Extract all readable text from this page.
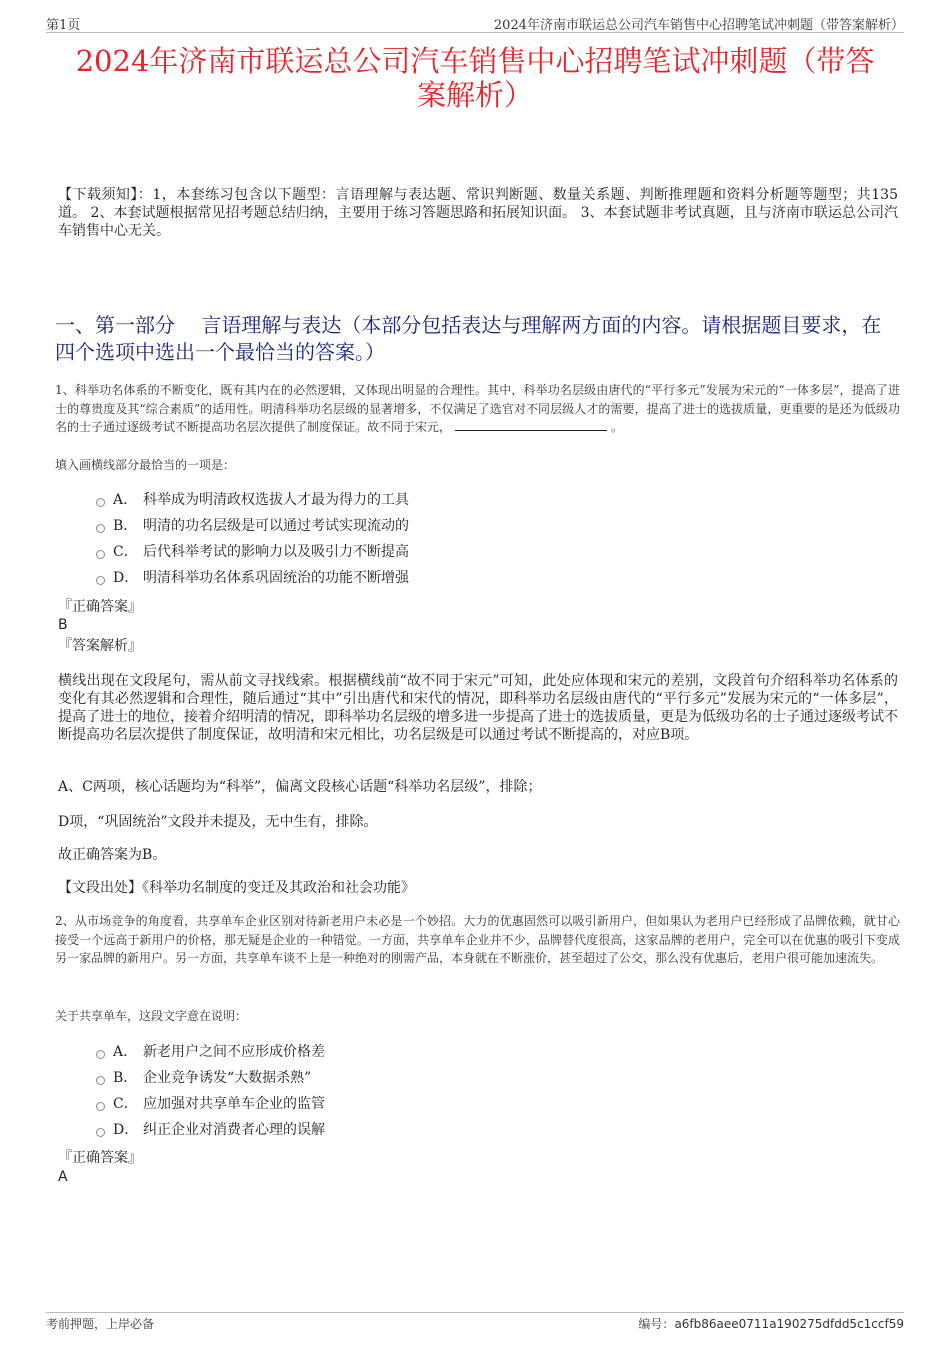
第1页	2024年济南市联运总公司汽车销售中心招聘笔试冲刺题（带答案解析）
2024年济南市联运总公司汽车销售中心招聘笔试冲刺题（带答
案解析）
【下载须知】：1，本套练习包含以下题型：言语理解与表达题、常识判断题、数量关系题、判断推理题和资料分析题等题型；共135道。 2、本套试题根据常见招考题总结归纳，主要用于练习答题思路和拓展知识面。 3、本套试题非考试真题，且与济南市联运总公司汽车销售中心无关。
一、第一部分　 言语理解与表达（本部分包括表达与理解两方面的内容。请根据题目要求，在四个选项中选出一个最恰当的答案。）
1、科举功名体系的不断变化，既有其内在的必然逻辑，又体现出明显的合理性。其中，科举功名层级由唐代的“平行多元”发展为宋元的“一体多层”，提高了进士的尊贵度及其“综合素质”的适用性。明清科举功名层级的显著增多，不仅满足了选官对不同层级人才的需要，提高了进士的选拔质量，更重要的是还为低级功名的士子通过逐级考试不断提高功名层次提供了制度保证。故不同于宋元，	。
填入画横线部分最恰当的一项是：
A． 科举成为明清政权选拔人才最为得力的工具
B． 明清的功名层级是可以通过考试实现流动的
C． 后代科举考试的影响力以及吸引力不断提高
D． 明清科举功名体系巩固统治的功能不断增强
『正确答案』
B
『答案解析』
横线出现在文段尾句，需从前文寻找线索。根据横线前“故不同于宋元”可知，此处应体现和宋元的差别，文段首句介绍科举功名体系的变化有其必然逻辑和合理性，随后通过“其中”引出唐代和宋代的情况，即科举功名层级由唐代的“平行多元”发展为宋元的“一体多层”，提高了进士的地位，接着介绍明清的情况，即科举功名层级的增多进一步提高了进士的选拔质量，更是为低级功名的士子通过逐级考试不断提高功名层次提供了制度保证，故明清和宋元相比，功名层级是可以通过考试不断提高的，对应B项。
A、C两项，核心话题均为“科举”，偏离文段核心话题“科举功名层级”，排除；
D项，“巩固统治”文段并未提及，无中生有，排除。
故正确答案为B。
【文段出处】《科举功名制度的变迁及其政治和社会功能》
2、从市场竞争的角度看，共享单车企业区别对待新老用户未必是一个妙招。大力的优惠固然可以吸引新用户，但如果认为老用户已经形成了品牌依赖，就甘心接受一个远高于新用户的价格，那无疑是企业的一种错觉。一方面，共享单车企业并不少，品牌替代度很高，这家品牌的老用户，完全可以在优惠的吸引下变成另一家品牌的新用户。另一方面，共享单车谈不上是一种绝对的刚需产品，本身就在不断涨价，甚至超过了公交，那么没有优惠后，老用户很可能加速流失。
关于共享单车，这段文字意在说明：
A． 新老用户之间不应形成价格差
B． 企业竞争诱发“大数据杀熟”
C． 应加强对共享单车企业的监管
D． 纠正企业对消费者心理的误解
『正确答案』
A
考前押题，上岸必备	编号：a6fb86aee0711a190275dfdd5c1ccf59
